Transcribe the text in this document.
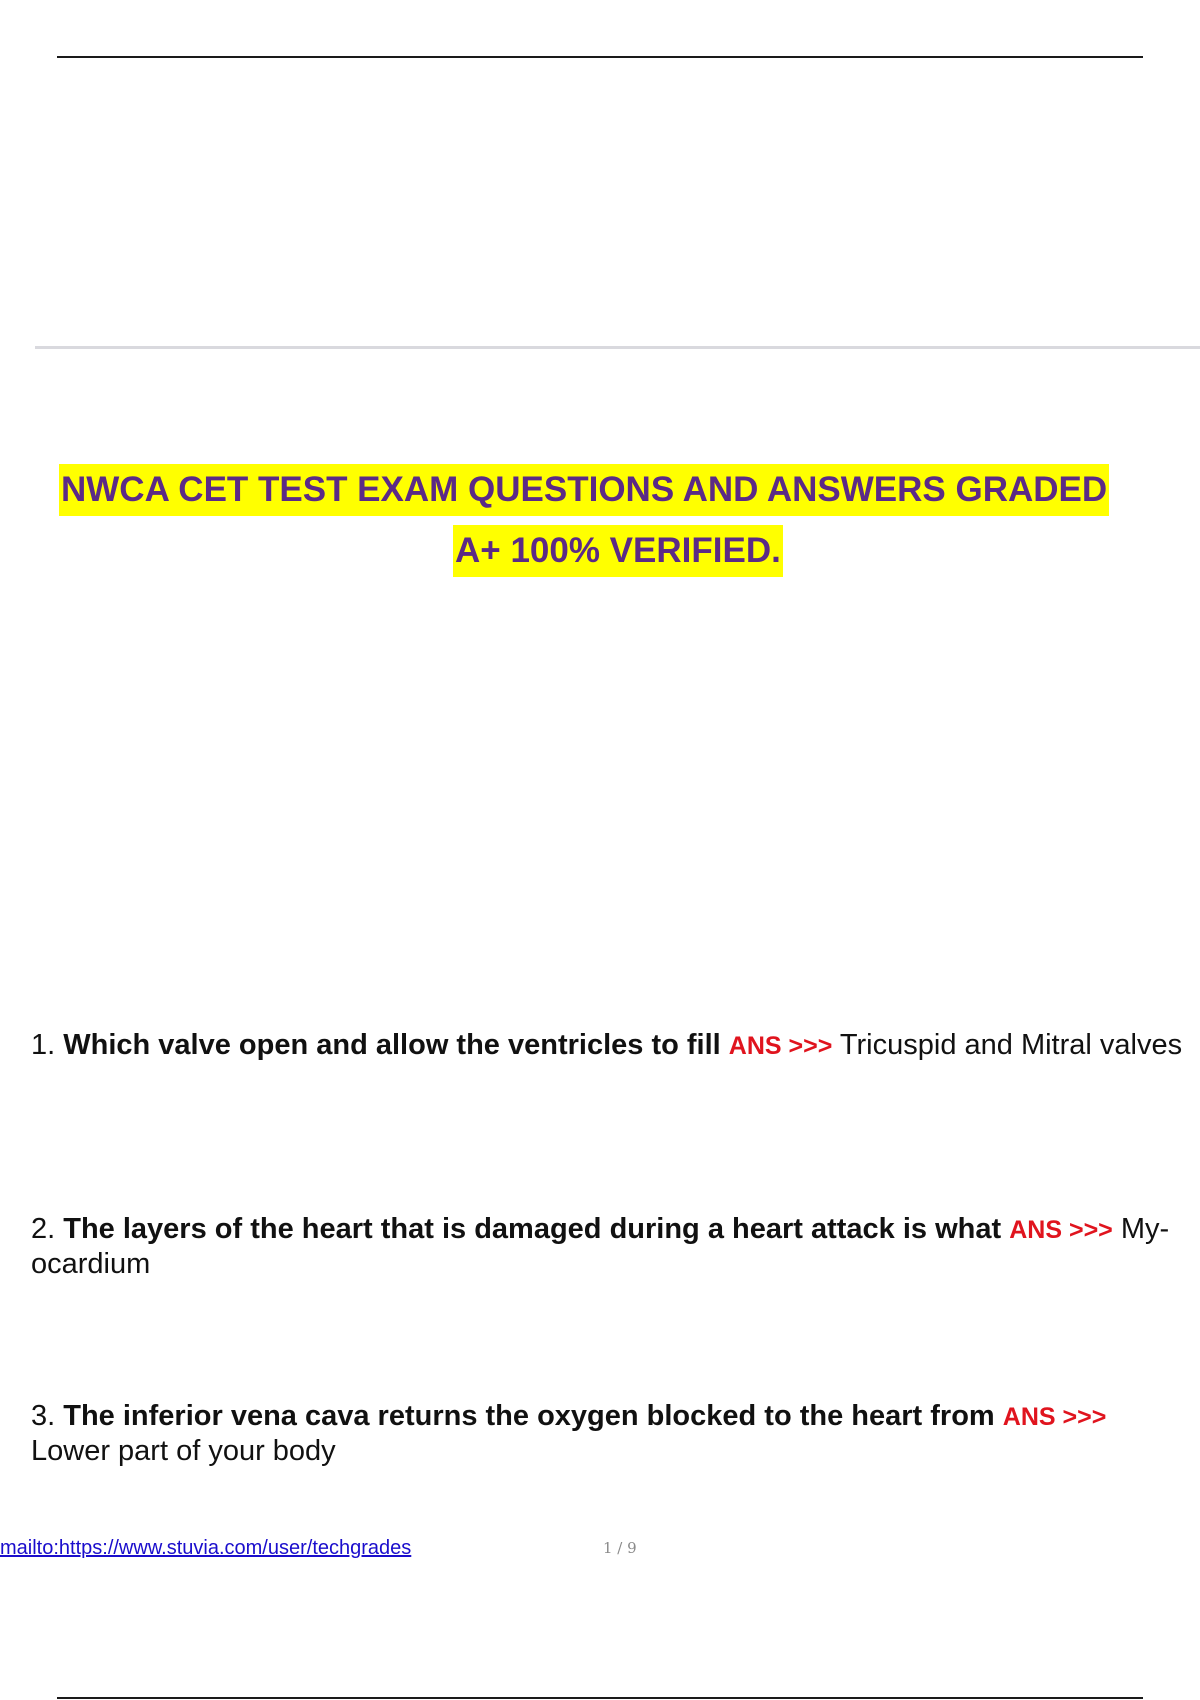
NWCA CET TEST EXAM QUESTIONS AND ANSWERS GRADED
A+ 100% VERIFIED.
1. Which valve open and allow the ventricles to fill ANS >>> Tricuspid and Mitral valves
2. The layers of the heart that is damaged during a heart attack is what ANS >>> My- ocardium
3. The inferior vena cava returns the oxygen blocked to the heart from ANS >>> Lower part of your body
mailto:https://www.stuvia.com/user/techgrades	1 / 9
